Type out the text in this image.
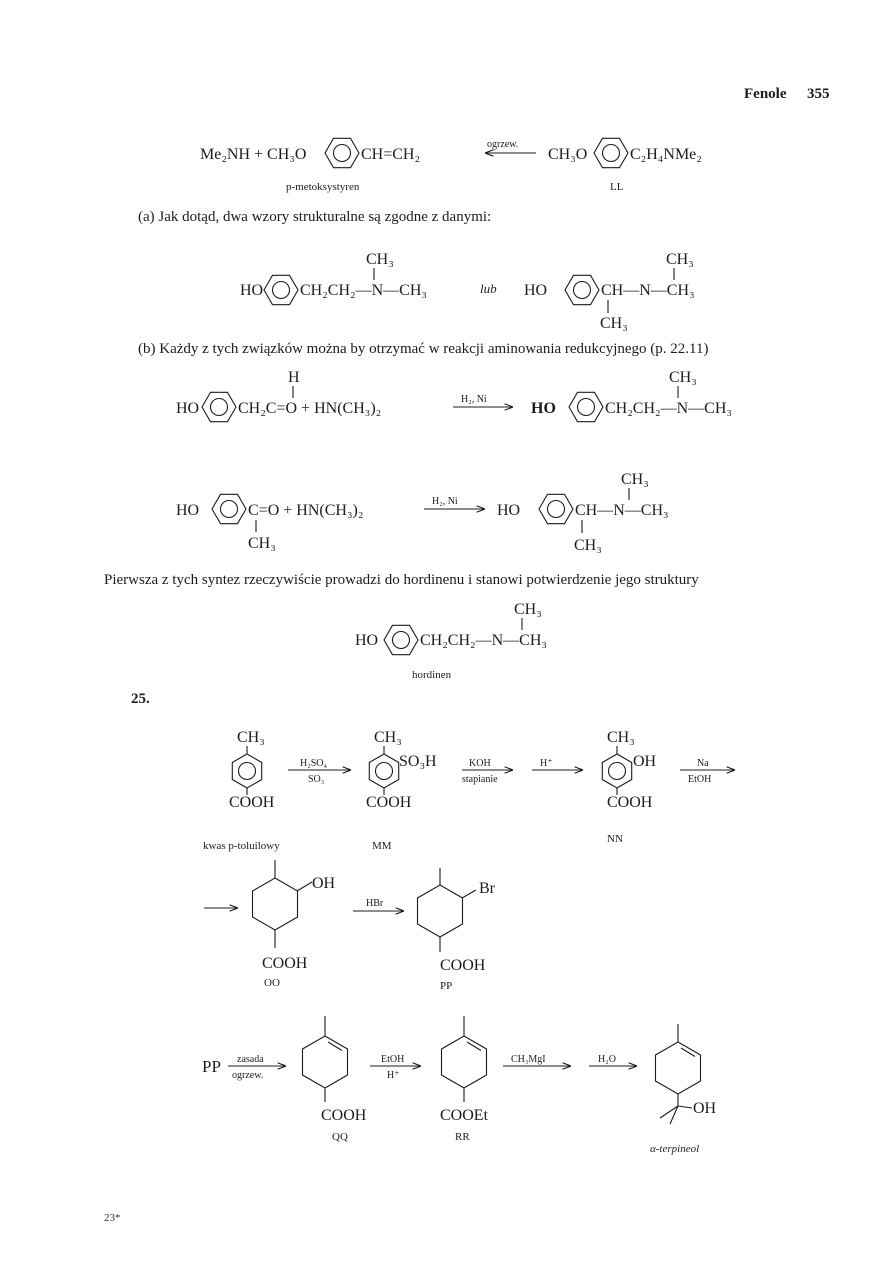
Fenole 355
(a) Jak dotąd, dwa wzory strukturalne są zgodne z danymi:
(b) Każdy z tych związków można by otrzymać w reakcji aminowania redukcyjnego (p. 22.11)
Pierwsza z tych syntez rzeczywiście prowadzi do hordinenu i stanowi potwierdzenie jego struktury
25.
23*
Me₂NH + CH₃O	CH=CH₂
ogrzew.
CH₃O	C₂H₄NMe₂
p-metoksystyren	LL
CH₃
HO CH₂CH₂—N—CH₃	lub HO
CH₃
CH—N—CH₃
CH₃
H
HO CH₂C=O + HN(CH₃)₂
H₂, Ni
HO
CH₃
CH₂CH₂—N—CH₃
HO	C=O + HN(CH₃)₂
CH₃
H₂, Ni
HO
CH₃
CH—N—CH₃
CH₃
CH₃
HO	CH₂CH₂—N—CH₃
hordinen
CH₃
COOH
kwas p-toluilowy
H₂SO₄
SO₃
CH₃
SO₃H
COOH
MM
KOH
stapianie
H⁺
CH₃
OH
COOH
NN
Na
EtOH
OH
COOH
OO
HBr
Br
COOH
PP
PP zasada
ogrzew.
COOH
QQ
EtOH
H⁺
COOEt
RR
CH₃MgI	H₂O
OH
α-terpineol
